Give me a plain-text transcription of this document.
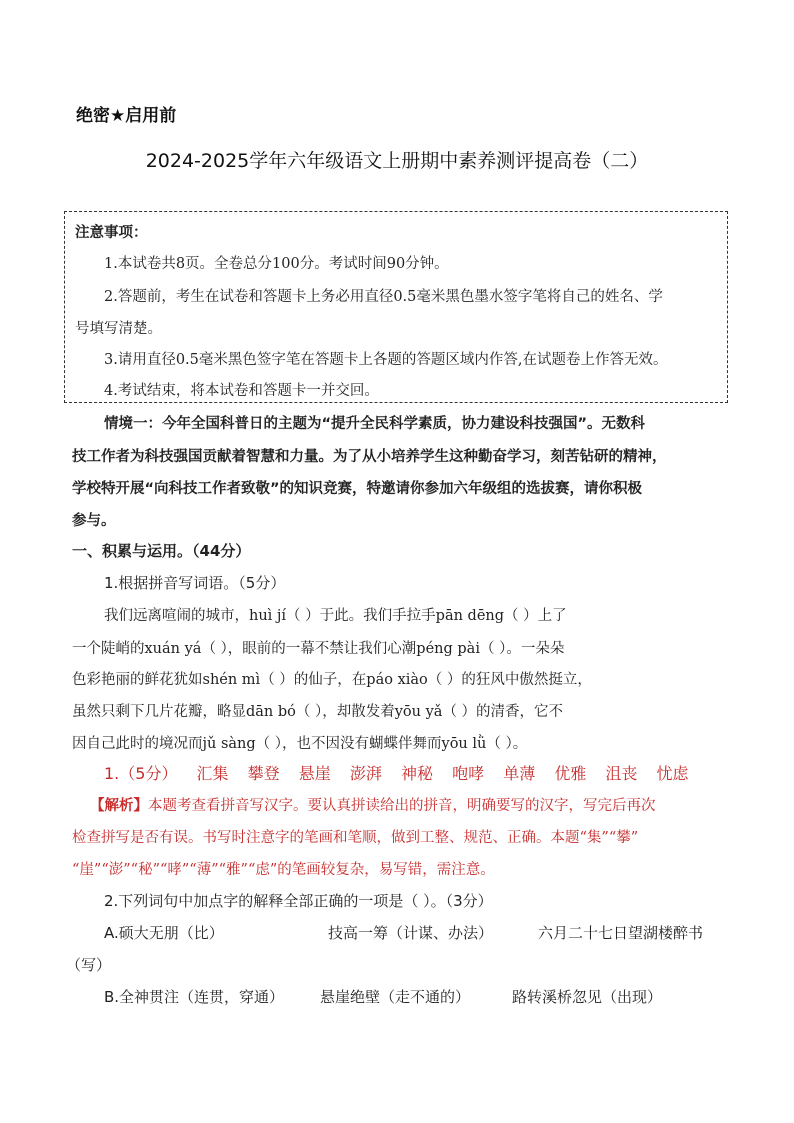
绝密★启用前
2024-2025学年六年级语文上册期中素养测评提高卷（二）
注意事项：
1.本试卷共8页。全卷总分100分。考试时间90分钟。
2.答题前，考生在试卷和答题卡上务必用直径0.5毫米黑色墨水签字笔将自己的姓名、学
号填写清楚。
3.请用直径0.5毫米黑色签字笔在答题卡上各题的答题区域内作答,在试题卷上作答无效。
4.考试结束，将本试卷和答题卡一并交回。
情境一：今年全国科普日的主题为“提升全民科学素质，协力建设科技强国”。无数科
技工作者为科技强国贡献着智慧和力量。为了从小培养学生这种勤奋学习，刻苦钻研的精神，
学校特开展“向科技工作者致敬”的知识竞赛，特邀请你参加六年级组的选拔赛，请你积极
参与。
一、积累与运用。（44分）
1.根据拼音写词语。（5分）
我们远离喧闹的城市，huì jí（ ）于此。我们手拉手pān dēng（ ）上了
一个陡峭的xuán yá（ ），眼前的一幕不禁让我们心潮péng pài（ ）。一朵朵
色彩艳丽的鲜花犹如shén mì（ ）的仙子，在páo xiào（ ）的狂风中傲然挺立，
虽然只剩下几片花瓣，略显dān bó（ ），却散发着yōu yǎ（ ）的清香，它不
因自己此时的境况而jǔ sàng（ ），也不因没有蝴蝶伴舞而yōu lǜ（ ）。
1.（5分） 汇集 攀登 悬崖 澎湃 神秘 咆哮 单薄 优雅 沮丧 忧虑
【解析】本题考查看拼音写汉字。要认真拼读给出的拼音，明确要写的汉字，写完后再次
检查拼写是否有误。书写时注意字的笔画和笔顺，做到工整、规范、正确。本题“集”“攀”
“崖”“澎”“秘”“哮”“薄”“雅”“虑”的笔画较复杂，易写错，需注意。
2.下列词句中加点字的解释全部正确的一项是（ ）。（3分）
A.硕大无朋（比）	技高一筹（计谋、办法）	六月二十七日望湖楼醉书
（写）
B.全神贯注（连贯，穿通） 悬崖绝壁（走不通的）	路转溪桥忽见（出现）
